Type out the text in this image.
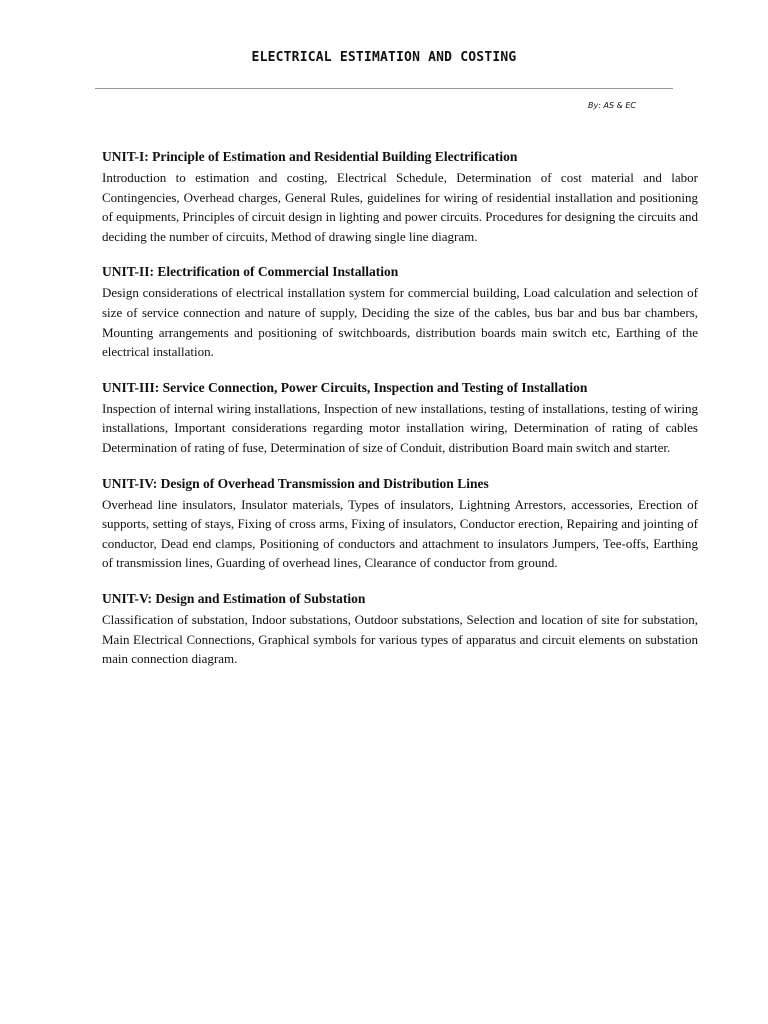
ELECTRICAL ESTIMATION AND COSTING
By: AS & EC
UNIT-I: Principle of Estimation and Residential Building Electrification

Introduction to estimation and costing, Electrical Schedule, Determination of cost material and labor Contingencies, Overhead charges, General Rules, guidelines for wiring of residential installation and positioning of equipments, Principles of circuit design in lighting and power circuits. Procedures for designing the circuits and deciding the number of circuits, Method of drawing single line diagram.

UNIT-II: Electrification of Commercial Installation

Design considerations of electrical installation system for commercial building, Load calculation and selection of size of service connection and nature of supply, Deciding the size of the cables, bus bar and bus bar chambers, Mounting arrangements and positioning of switchboards, distribution boards main switch etc, Earthing of the electrical installation.

UNIT-III: Service Connection, Power Circuits, Inspection and Testing of Installation

Inspection of internal wiring installations, Inspection of new installations, testing of installations, testing of wiring installations, Important considerations regarding motor installation wiring, Determination of rating of cables Determination of rating of fuse, Determination of size of Conduit, distribution Board main switch and starter.

UNIT-IV: Design of Overhead Transmission and Distribution Lines

Overhead line insulators, Insulator materials, Types of insulators, Lightning Arrestors, accessories, Erection of supports, setting of stays, Fixing of cross arms, Fixing of insulators, Conductor erection, Repairing and jointing of conductor, Dead end clamps, Positioning of conductors and attachment to insulators Jumpers, Tee-offs, Earthing of transmission lines, Guarding of overhead lines, Clearance of conductor from ground.

UNIT-V: Design and Estimation of Substation

Classification of substation, Indoor substations, Outdoor substations, Selection and location of site for substation, Main Electrical Connections, Graphical symbols for various types of apparatus and circuit elements on substation main connection diagram.
